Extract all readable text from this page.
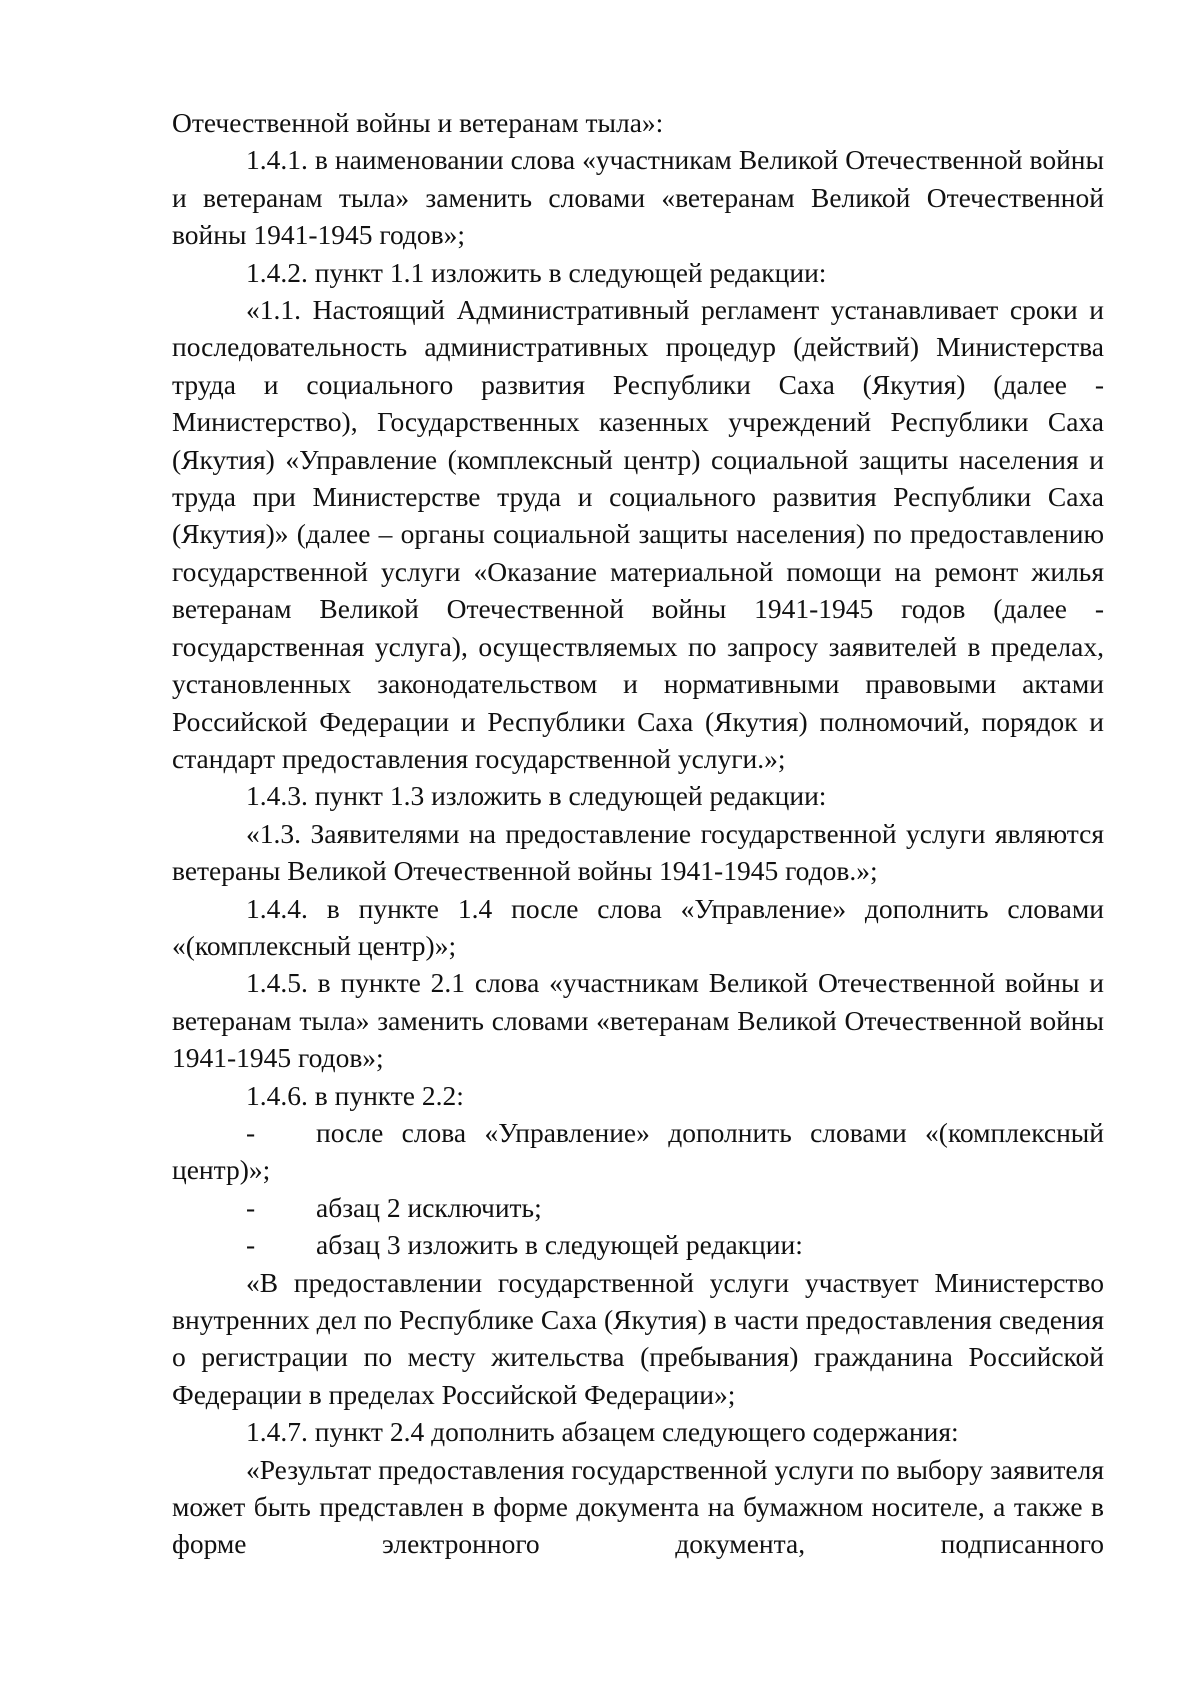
Отечественной войны и ветеранам тыла»:

1.4.1. в наименовании слова «участникам Великой Отечественной войны и ветеранам тыла» заменить словами «ветеранам Великой Отечественной войны 1941-1945 годов»;

1.4.2. пункт 1.1 изложить в следующей редакции:

«1.1. Настоящий Административный регламент устанавливает сроки и последовательность административных процедур (действий) Министерства труда и социального развития Республики Саха (Якутия) (далее - Министерство), Государственных казенных учреждений Республики Саха (Якутия) «Управление (комплексный центр) социальной защиты населения и труда при Министерстве труда и социального развития Республики Саха (Якутия)» (далее – органы социальной защиты населения) по предоставлению государственной услуги «Оказание материальной помощи на ремонт жилья ветеранам Великой Отечественной войны 1941-1945 годов (далее - государственная услуга), осуществляемых по запросу заявителей в пределах, установленных законодательством и нормативными правовыми актами Российской Федерации и Республики Саха (Якутия) полномочий, порядок и стандарт предоставления государственной услуги.»;

1.4.3. пункт 1.3 изложить в следующей редакции:

«1.3. Заявителями на предоставление государственной услуги являются ветераны Великой Отечественной войны 1941-1945 годов.»;

1.4.4. в пункте 1.4 после слова «Управление» дополнить словами «(комплексный центр)»;

1.4.5. в пункте 2.1 слова «участникам Великой Отечественной войны и ветеранам тыла» заменить словами «ветеранам Великой Отечественной войны 1941-1945 годов»;

1.4.6. в пункте 2.2:

- после слова «Управление» дополнить словами «(комплексный центр)»;

- абзац 2 исключить;

- абзац 3 изложить в следующей редакции:

«В предоставлении государственной услуги участвует Министерство внутренних дел по Республике Саха (Якутия) в части предоставления сведения о регистрации по месту жительства (пребывания) гражданина Российской Федерации в пределах Российской Федерации»;

1.4.7. пункт 2.4 дополнить абзацем следующего содержания:

«Результат предоставления государственной услуги по выбору заявителя может быть представлен в форме документа на бумажном носителе, а также в форме электронного документа, подписанного
